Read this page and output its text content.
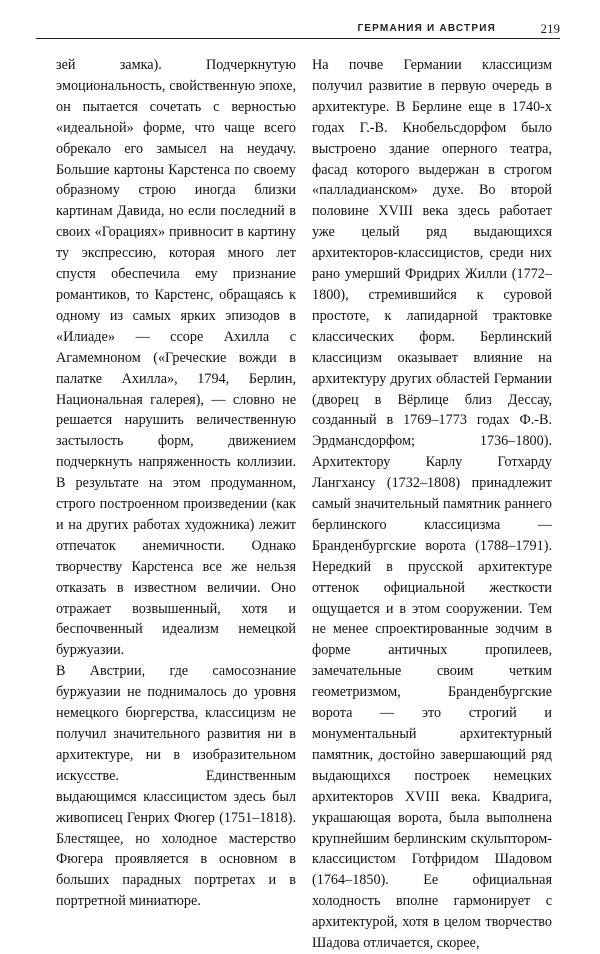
ГЕРМАНИЯ И АВСТРИЯ	219

зей замка). Подчеркнутую эмоциональность, свойственную эпохе, он пытается сочетать с верностью «идеальной» форме, что чаще всего обрекало его замысел на неудачу. Большие картоны Карстенса по своему образному строю иногда близки картинам Давида, но если последний в своих «Горациях» привносит в картину ту экспрессию, которая много лет спустя обеспечила ему признание романтиков, то Карстенс, обращаясь к одному из самых ярких эпизодов в «Илиаде» — ссоре Ахилла с Агамемноном («Греческие вожди в палатке Ахилла», 1794, Берлин, Национальная галерея), — словно не решается нарушить величественную застылость форм, движением подчеркнуть напряженность коллизии. В результате на этом продуманном, строго построенном произведении (как и на других работах художника) лежит отпечаток анемичности. Однако творчеству Карстенса все же нельзя отказать в известном величии. Оно отражает возвышенный, хотя и беспочвенный идеализм немецкой буржуазии.

В Австрии, где самосознание буржуазии не поднималось до уровня немецкого бюргерства, классицизм не получил значительного развития ни в архитектуре, ни в изобразительном искусстве. Единственным выдающимся классицистом здесь был живописец Генрих Фюгер (1751–1818). Блестящее, но холодное мастерство Фюгера проявляется в основном в больших парадных портретах и в портретной миниатюре.

На почве Германии классицизм получил развитие в первую очередь в архитектуре. В Берлине еще в 1740-х годах Г.-В. Кнобельсдорфом было выстроено здание оперного театра, фасад которого выдержан в строгом «палладианском» духе. Во второй половине XVIII века здесь работает уже целый ряд выдающихся архитекторов-классицистов, среди них рано умерший Фридрих Жилли (1772–1800), стремившийся к суровой простоте, к лапидарной трактовке классических форм. Берлинский классицизм оказывает влияние на архитектуру других областей Германии (дворец в Вёрлице близ Дессау, созданный в 1769–1773 годах Ф.-В. Эрдмансдорфом; 1736–1800). Архитектору Карлу Готхарду Лангхансу (1732–1808) принадлежит самый значительный памятник раннего берлинского классицизма — Бранденбургские ворота (1788–1791). Нередкий в прусской архитектуре оттенок официальной жесткости ощущается и в этом сооружении. Тем не менее спроектированные зодчим в форме античных пропилеев, замечательные своим четким геометризмом, Бранденбургские ворота — это строгий и монументальный архитектурный памятник, достойно завершающий ряд выдающихся построек немецких архитекторов XVIII века. Квадрига, украшающая ворота, была выполнена крупнейшим берлинским скульптором-классицистом Готфридом Шадовом (1764–1850). Ее официальная холодность вполне гармонирует с архитектурой, хотя в целом творчество Шадова отличается, скорее,
